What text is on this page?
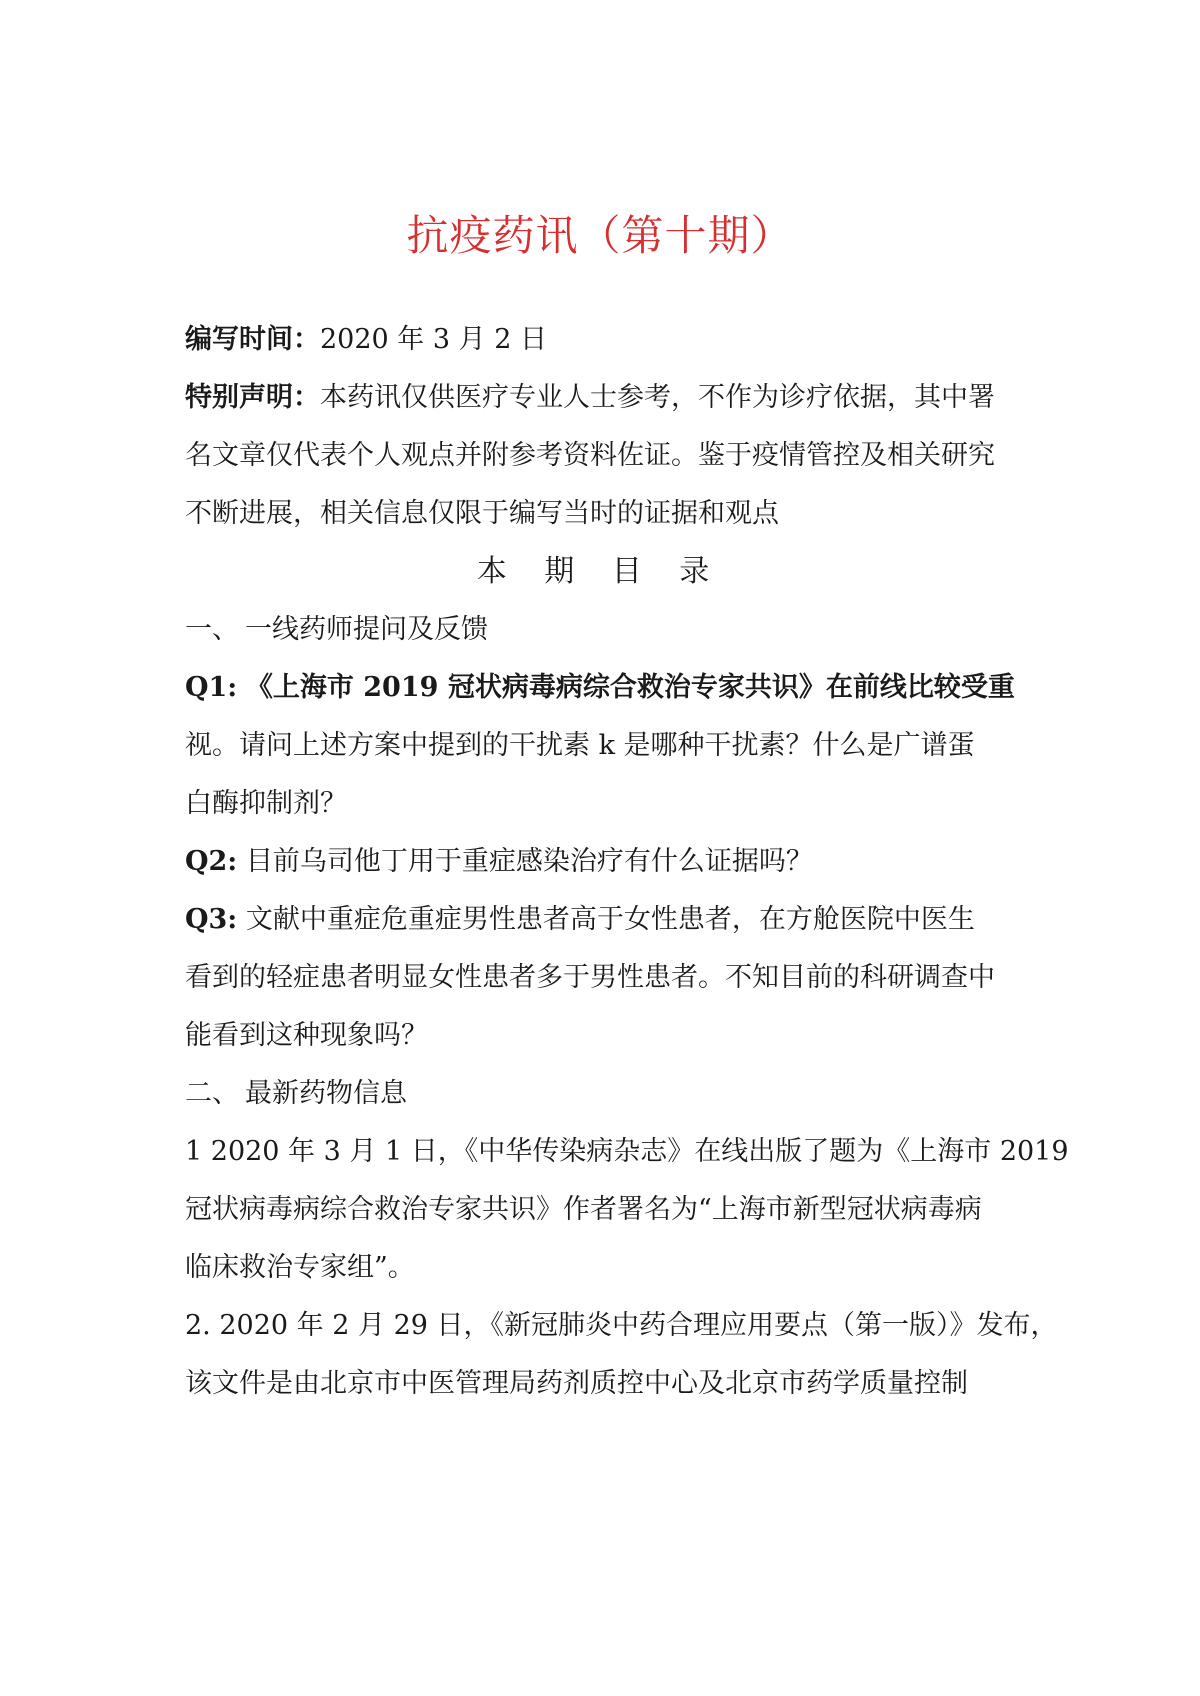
抗疫药讯（第十期）
编写时间：2020 年 3 月 2 日
特别声明：本药讯仅供医疗专业人士参考，不作为诊疗依据，其中署
名文章仅代表个人观点并附参考资料佐证。鉴于疫情管控及相关研究
不断进展，相关信息仅限于编写当时的证据和观点
本 期 目 录
一、 一线药师提问及反馈
Q1: 《上海市 2019 冠状病毒病综合救治专家共识》在前线比较受重
视。请问上述方案中提到的干扰素 k 是哪种干扰素？什么是广谱蛋
白酶抑制剂？
Q2: 目前乌司他丁用于重症感染治疗有什么证据吗？
Q3: 文献中重症危重症男性患者高于女性患者，在方舱医院中医生
看到的轻症患者明显女性患者多于男性患者。不知目前的科研调查中
能看到这种现象吗？
二、 最新药物信息
1 2020 年 3 月 1 日，《中华传染病杂志》在线出版了题为《上海市 2019
冠状病毒病综合救治专家共识》作者署名为“上海市新型冠状病毒病
临床救治专家组”。
2. 2020 年 2 月 29 日，《新冠肺炎中药合理应用要点（第一版）》发布，
该文件是由北京市中医管理局药剂质控中心及北京市药学质量控制
